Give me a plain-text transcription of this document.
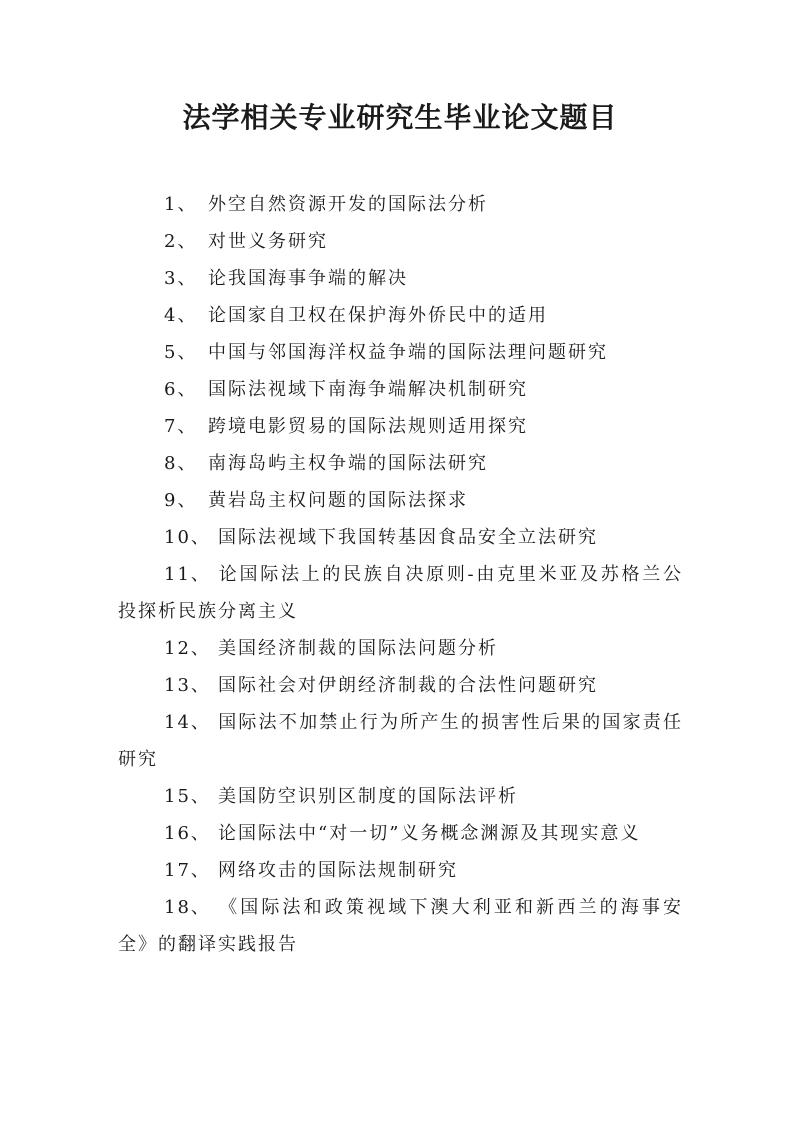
法学相关专业研究生毕业论文题目
1、 外空自然资源开发的国际法分析
2、 对世义务研究
3、 论我国海事争端的解决
4、 论国家自卫权在保护海外侨民中的适用
5、 中国与邻国海洋权益争端的国际法理问题研究
6、 国际法视域下南海争端解决机制研究
7、 跨境电影贸易的国际法规则适用探究
8、 南海岛屿主权争端的国际法研究
9、 黄岩岛主权问题的国际法探求
10、 国际法视域下我国转基因食品安全立法研究
11、 论国际法上的民族自决原则-由克里米亚及苏格兰公投探析民族分离主义
12、 美国经济制裁的国际法问题分析
13、 国际社会对伊朗经济制裁的合法性问题研究
14、 国际法不加禁止行为所产生的损害性后果的国家责任研究
15、 美国防空识别区制度的国际法评析
16、 论国际法中“对一切”义务概念渊源及其现实意义
17、 网络攻击的国际法规制研究
18、 《国际法和政策视域下澳大利亚和新西兰的海事安全》的翻译实践报告
